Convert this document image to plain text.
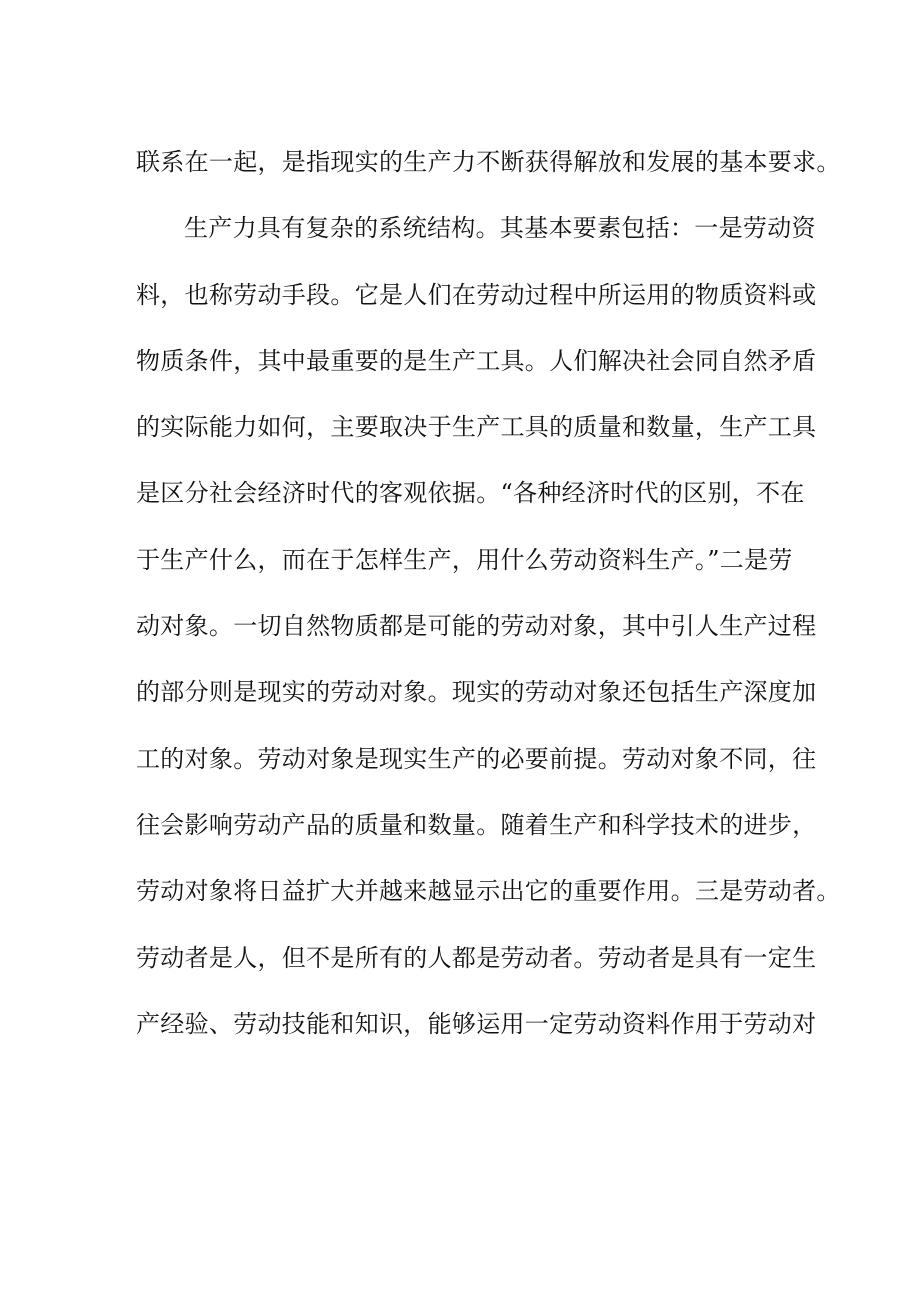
联系在一起，是指现实的生产力不断获得解放和发展的基本要求。
生产力具有复杂的系统结构。其基本要素包括：一是劳动资
料，也称劳动手段。它是人们在劳动过程中所运用的物质资料或
物质条件，其中最重要的是生产工具。人们解决社会同自然矛盾
的实际能力如何，主要取决于生产工具的质量和数量，生产工具
是区分社会经济时代的客观依据。“各种经济时代的区别，不在
于生产什么，而在于怎样生产，用什么劳动资料生产。”二是劳
动对象。一切自然物质都是可能的劳动对象，其中引人生产过程
的部分则是现实的劳动对象。现实的劳动对象还包括生产深度加
工的对象。劳动对象是现实生产的必要前提。劳动对象不同，往
往会影响劳动产品的质量和数量。随着生产和科学技术的进步，
劳动对象将日益扩大并越来越显示出它的重要作用。三是劳动者。
劳动者是人，但不是所有的人都是劳动者。劳动者是具有一定生
产经验、劳动技能和知识，能够运用一定劳动资料作用于劳动对
